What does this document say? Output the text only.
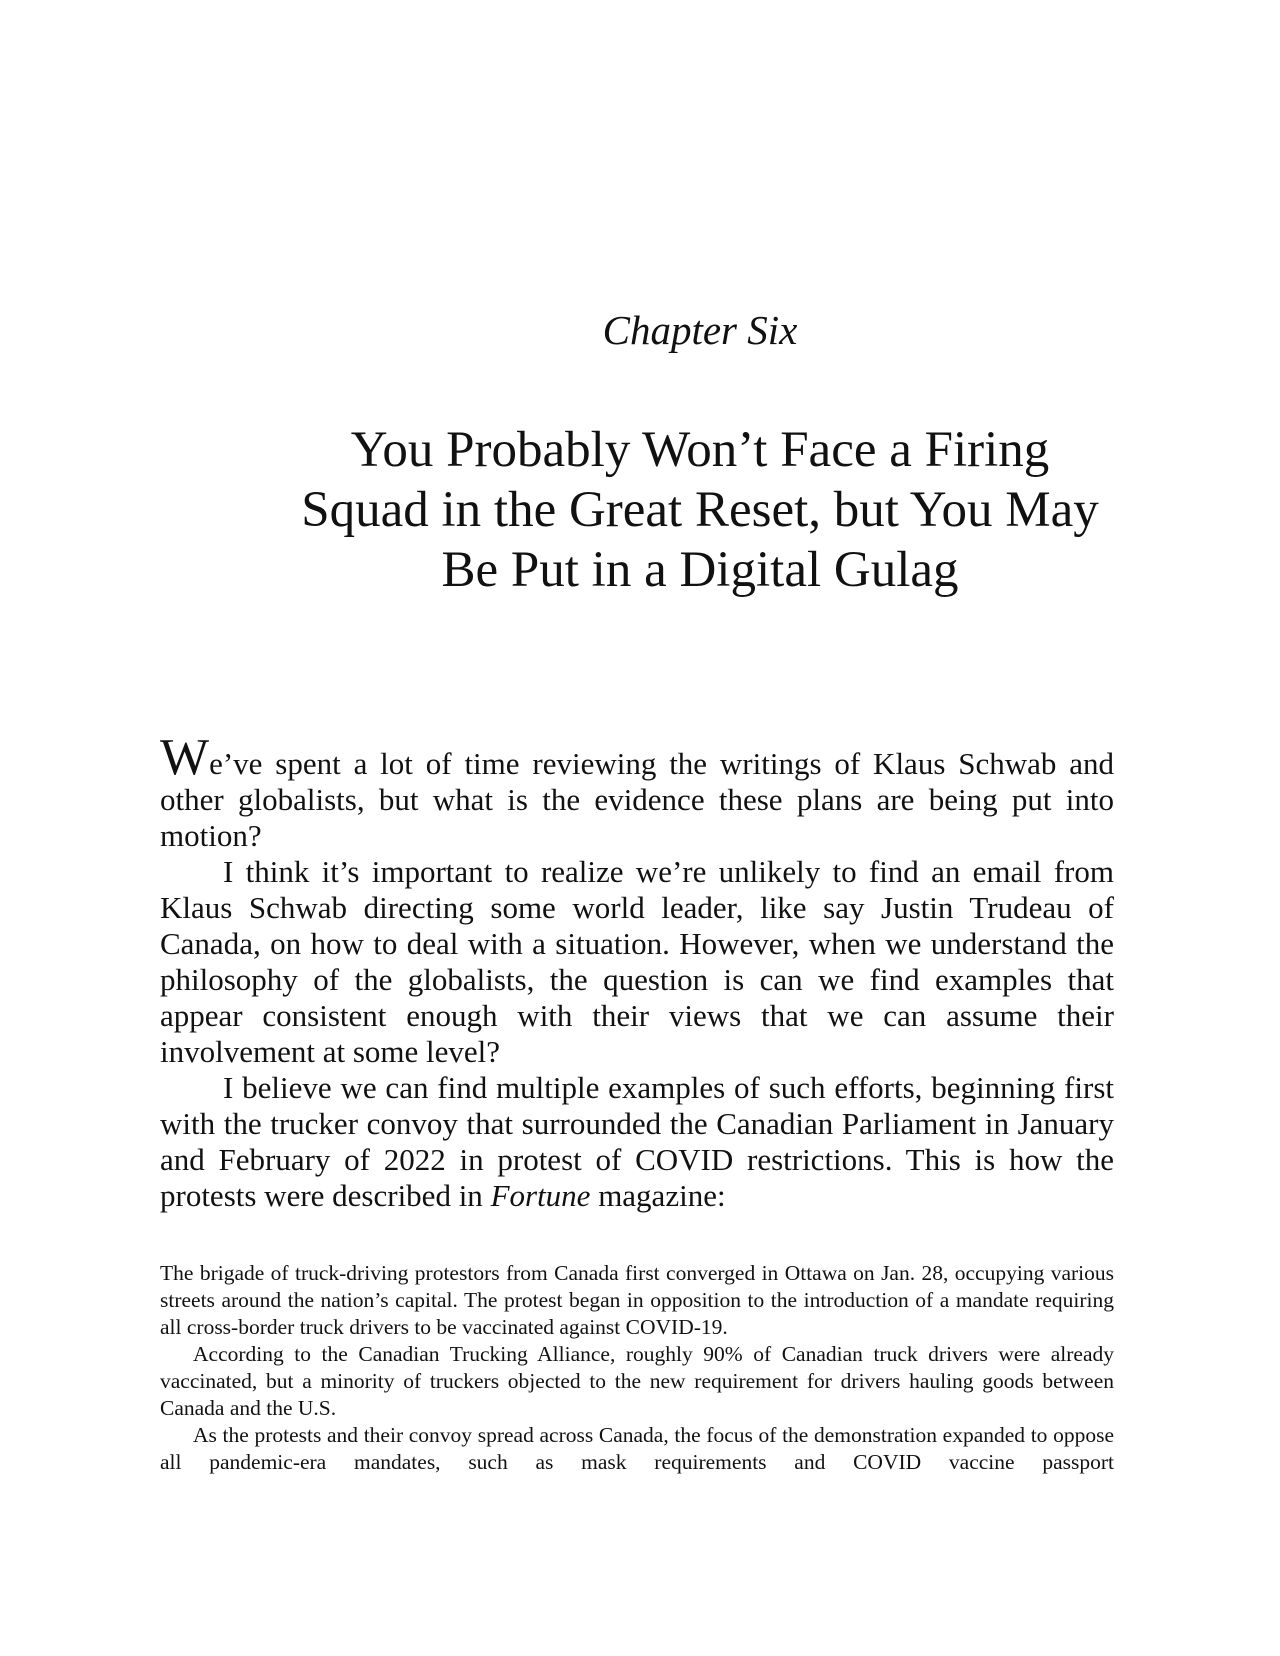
Chapter Six
You Probably Won’t Face a Firing
Squad in the Great Reset, but You May
Be Put in a Digital Gulag

We’ve spent a lot of time reviewing the writings of Klaus Schwab and other globalists, but what is the evidence these plans are being put into motion?

I think it’s important to realize we’re unlikely to find an email from Klaus Schwab directing some world leader, like say Justin Trudeau of Canada, on how to deal with a situation. However, when we understand the philosophy of the globalists, the question is can we find examples that appear consistent enough with their views that we can assume their involvement at some level?

I believe we can find multiple examples of such efforts, beginning first with the trucker convoy that surrounded the Canadian Parliament in January and February of 2022 in protest of COVID restrictions. This is how the protests were described in Fortune magazine:

The brigade of truck-driving protestors from Canada first converged in Ottawa on Jan. 28, occupying various streets around the nation’s capital. The protest began in opposition to the introduction of a mandate requiring all cross-border truck drivers to be vaccinated against COVID-19.

According to the Canadian Trucking Alliance, roughly 90% of Canadian truck drivers were already vaccinated, but a minority of truckers objected to the new requirement for drivers hauling goods between Canada and the U.S.

As the protests and their convoy spread across Canada, the focus of the demonstration expanded to oppose all pandemic-era mandates, such as mask requirements and COVID vaccine passport
